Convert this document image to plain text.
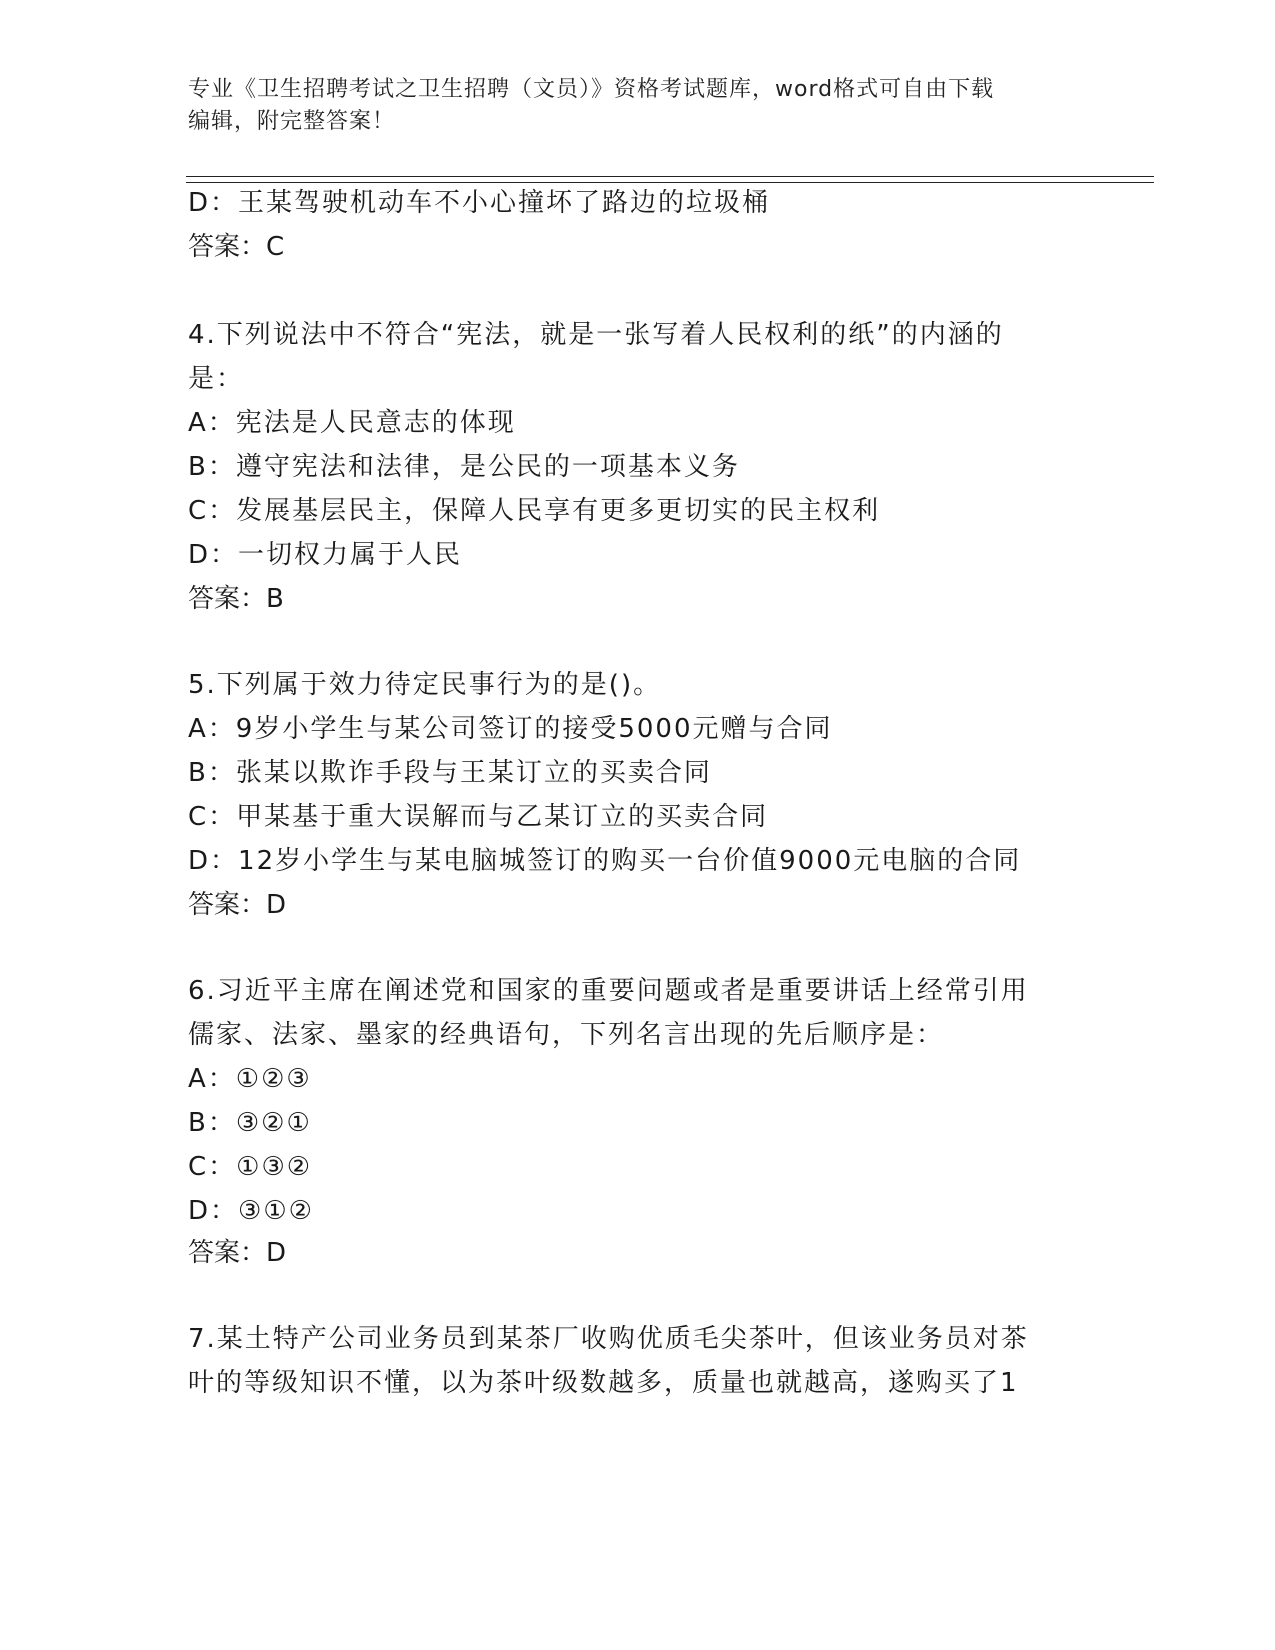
专业《卫生招聘考试之卫生招聘（文员）》资格考试题库，word格式可自由下载
编辑，附完整答案！
D：王某驾驶机动车不小心撞坏了路边的垃圾桶
答案：C
4.下列说法中不符合“宪法，就是一张写着人民权利的纸”的内涵的
是：
A：宪法是人民意志的体现
B：遵守宪法和法律，是公民的一项基本义务
C：发展基层民主，保障人民享有更多更切实的民主权利
D：一切权力属于人民
答案：B
5.下列属于效力待定民事行为的是()。
A：9岁小学生与某公司签订的接受5000元赠与合同
B：张某以欺诈手段与王某订立的买卖合同
C：甲某基于重大误解而与乙某订立的买卖合同
D：12岁小学生与某电脑城签订的购买一台价值9000元电脑的合同
答案：D
6.习近平主席在阐述党和国家的重要问题或者是重要讲话上经常引用
儒家、法家、墨家的经典语句，下列名言出现的先后顺序是：
A：①②③
B：③②①
C：①③②
D：③①②
答案：D
7.某土特产公司业务员到某茶厂收购优质毛尖茶叶，但该业务员对茶
叶的等级知识不懂，以为茶叶级数越多，质量也就越高，遂购买了1
